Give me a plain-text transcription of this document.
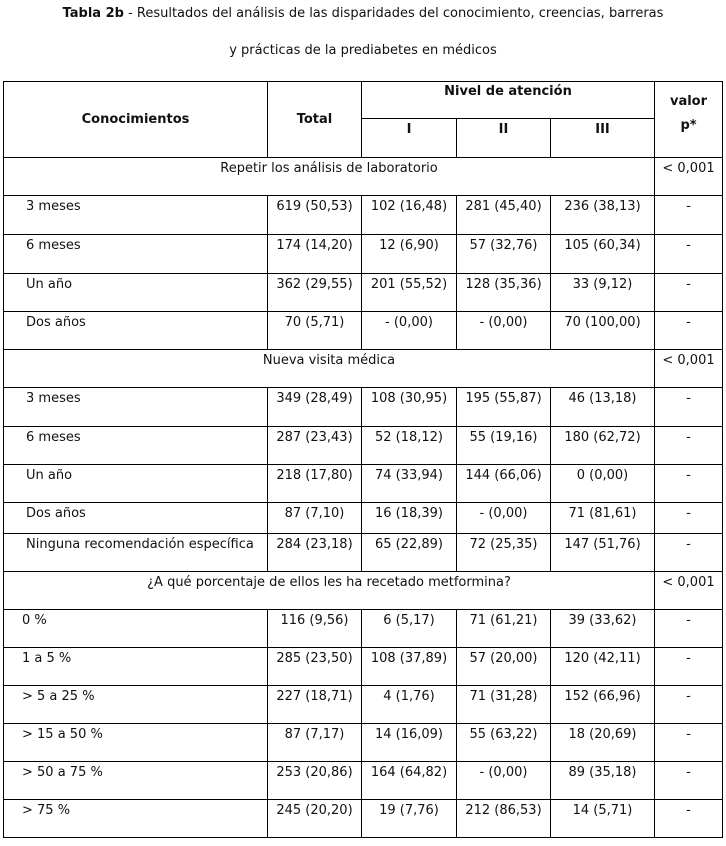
Tabla 2b - Resultados del análisis de las disparidades del conocimiento, creencias, barreras
y prácticas de la prediabetes en médicos
Conocimientos	Total	Nivel de atención			valor
p*
		I	II	III	
Repetir los análisis de laboratorio					< 0,001
3 meses	619 (50,53)	102 (16,48)	281 (45,40)	236 (38,13)	-
6 meses	174 (14,20)	12 (6,90)	57 (32,76)	105 (60,34)	-
Un año	362 (29,55)	201 (55,52)	128 (35,36)	33 (9,12)	-
Dos años	70 (5,71)	- (0,00)	- (0,00)	70 (100,00)	-
Nueva visita médica					< 0,001
3 meses	349 (28,49)	108 (30,95)	195 (55,87)	46 (13,18)	-
6 meses	287 (23,43)	52 (18,12)	55 (19,16)	180 (62,72)	-
Un año	218 (17,80)	74 (33,94)	144 (66,06)	0 (0,00)	-
Dos años	87 (7,10)	16 (18,39)	- (0,00)	71 (81,61)	-
Ninguna recomendación específica	284 (23,18)	65 (22,89)	72 (25,35)	147 (51,76)	-
¿A qué porcentaje de ellos les ha recetado metformina?					< 0,001
0 %	116 (9,56)	6 (5,17)	71 (61,21)	39 (33,62)	-
1 a 5 %	285 (23,50)	108 (37,89)	57 (20,00)	120 (42,11)	-
> 5 a 25 %	227 (18,71)	4 (1,76)	71 (31,28)	152 (66,96)	-
> 15 a 50 %	87 (7,17)	14 (16,09)	55 (63,22)	18 (20,69)	-
> 50 a 75 %	253 (20,86)	164 (64,82)	- (0,00)	89 (35,18)	-
> 75 %	245 (20,20)	19 (7,76)	212 (86,53)	14 (5,71)	-
